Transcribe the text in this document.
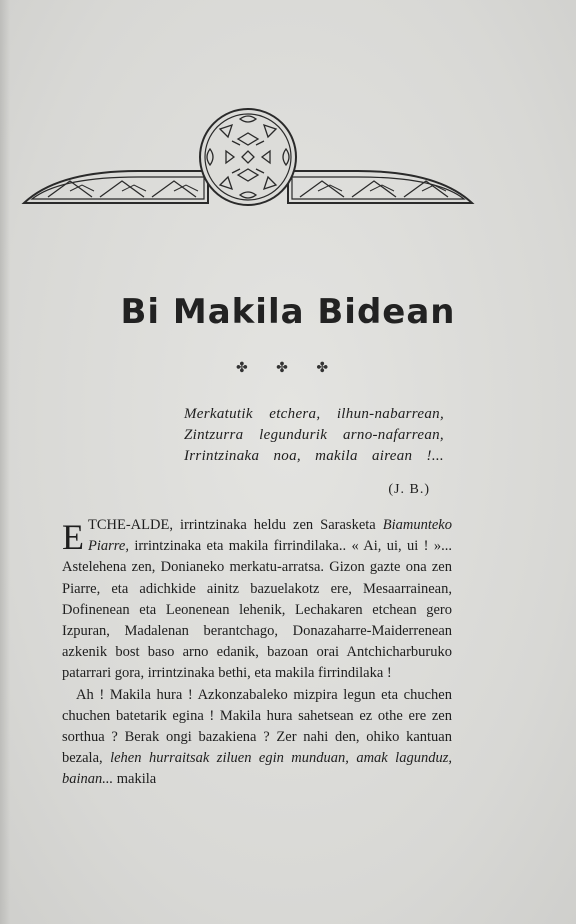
Bi Makila Bidean
✤ ✤ ✤
Merkatutik etchera, ilhun-nabarrean,
Zintzurra legundurik arno-nafarrean,
Irrintzinaka noa, makila airean !...
(J. B.)

ETCHE-ALDE, irrintzinaka heldu zen Sarasketa Biamunteko Piarre, irrintzinaka eta makila firrindilaka.. « Ai, ui, ui ! »... Astelehena zen, Donianeko merkatu-arratsa. Gizon gazte ona zen Piarre, eta adichkide ainitz bazuelakotz ere, Mesaarrainean, Dofinenean eta Leonenean lehenik, Lechakaren etchean gero Izpuran, Madalenan berantchago, Donazaharre-Maiderrenean azkenik bost baso arno edanik, bazoan orai Antchicharburuko patarrari gora, irrintzinaka bethi, eta makila firrindilaka !

Ah ! Makila hura ! Azkonzabaleko mizpira legun eta chuchen chuchen batetarik egina ! Makila hura sahetsean ez othe ere zen sorthua ? Berak ongi bazakiena ? Zer nahi den, ohiko kantuan bezala, lehen hurraitsak ziluen egin munduan, amak lagunduz, bainan... makila
